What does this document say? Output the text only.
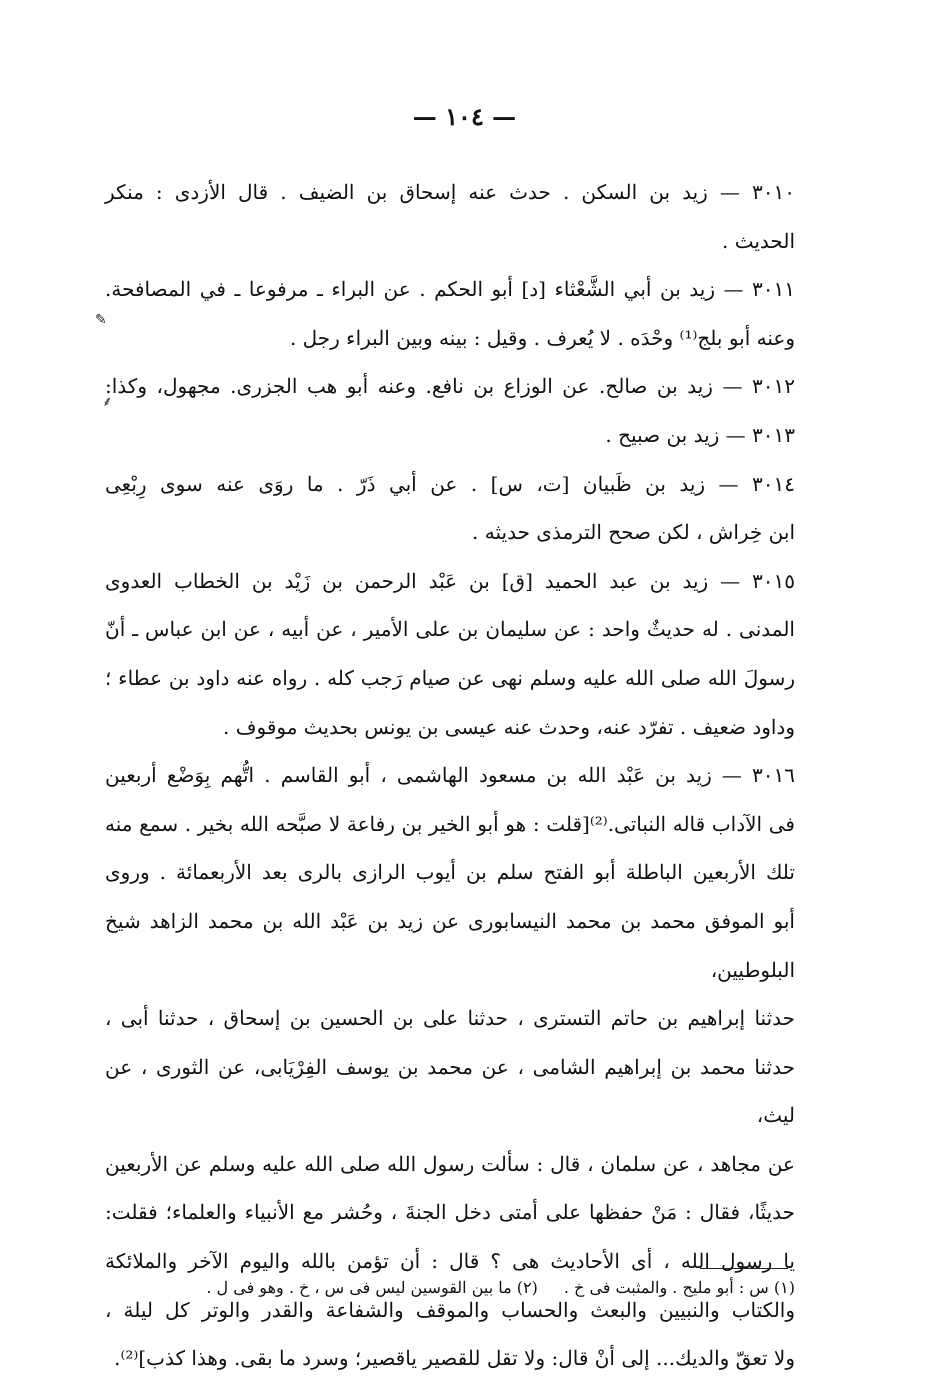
— ١٠٤ —

٣٠١٠ — زيد بن السكن . حدث عنه إسحاق بن الضيف . قال الأزدى : منكر

الحديث .

٣٠١١ — زيد بن أبي الشَّعْثاء [د] أبو الحكم . عن البراء ـ مرفوعا ـ في المصافحة.

وعنه أبو بلج⁽¹⁾ وحْدَه . لا يُعرف . وقيل : بينه وبين البراء رجل .

٣٠١٢ — زيد بن صالح. عن الوزاع بن نافع. وعنه أبو هب الجزرى. مجهول، وكذا:

٣٠١٣ — زيد بن صبيح .

٣٠١٤ — زيد بن ظَبيان [ت، س] . عن أبي ذَرّ . ما روَى عنه سوى رِبْعِى

ابن خِراش ، لكن صحح الترمذى حديثه .

٣٠١٥ — زيد بن عبد الحميد [ق] بن عَبْد الرحمن بن زَيْد بن الخطاب العدوى

المدنى . له حديثٌ واحد : عن سليمان بن على الأمير ، عن أبيه ، عن ابن عباس ـ أنّ

رسولَ الله صلى الله عليه وسلم نهى عن صيام رَجب كله . رواه عنه داود بن عطاء ؛

وداود ضعيف . تفرّد عنه، وحدث عنه عيسى بن يونس بحديث موقوف .

٣٠١٦ — زيد بن عَبْد الله بن مسعود الهاشمى ، أبو القاسم . اتُّهم بِوَضْع أربعين

فى الآداب قاله النباتى.⁽²⁾[قلت : هو أبو الخير بن رفاعة لا صبَّحه الله بخير . سمع منه

تلك الأربعين الباطلة أبو الفتح سلم بن أيوب الرازى بالرى بعد الأربعمائة . وروى

أبو الموفق محمد بن محمد النيسابورى عن زيد بن عَبْد الله بن محمد الزاهد شيخ البلوطيين،

حدثنا إبراهيم بن حاتم التسترى ، حدثنا على بن الحسين بن إسحاق ، حدثنا أبى ،

حدثنا محمد بن إبراهيم الشامى ، عن محمد بن يوسف الفِرْيَابى، عن الثورى ، عن ليث،

عن مجاهد ، عن سلمان ، قال : سألت رسول الله صلى الله عليه وسلم عن الأربعين

حديثًا، فقال : مَنْ حفظها على أمتى دخل الجنةَ ، وحُشر مع الأنبياء والعلماء؛ فقلت:

يا رسول الله ، أى الأحاديث هى ؟ قال : أن تؤمن بالله واليوم الآخر والملائكة

والكتاب والنبيين والبعث والحساب والموقف والشفاعة والقدر والوتر كل ليلة ،

ولا تعقّ والديك... إلى أنْ قال: ولا تقل للقصير ياقصير؛ وسرد ما بقى. وهذا كذب]⁽²⁾.

✎
⸙
(١) س : أبو مليح . والمثبت فى خ .(٢) ما بين القوسين ليس فى س ، خ . وهو فى ل .
